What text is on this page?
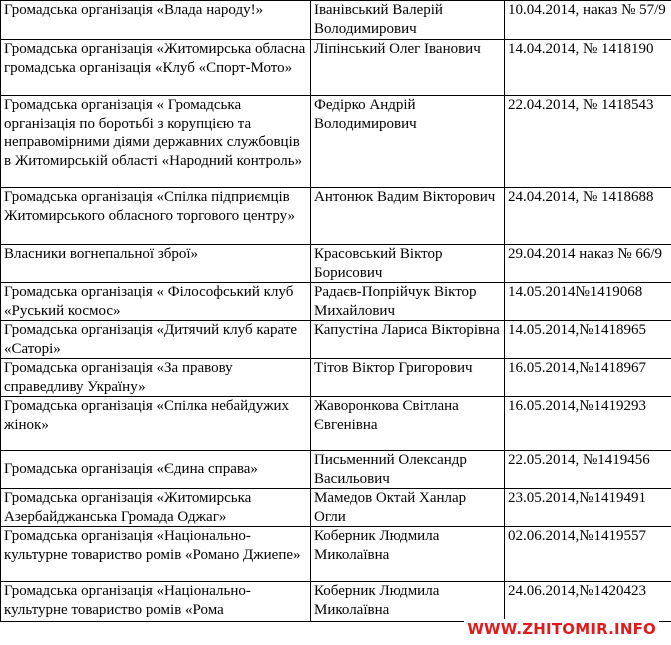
Громадська організація «Влада народу!»	Іванівський Валерій Володимирович	10.04.2014, наказ № 57/9
Громадська організація «Житомирська обласна громадська організація «Клуб «Спорт-Мото»	Ліпінський Олег Іванович	14.04.2014, № 1418190
Громадська організація « Громадська організація по боротьбі з корупцією та неправомірними діями державних службовців в Житомирській області «Народний контроль»	Федірко Андрій Володимирович	22.04.2014, № 1418543
Громадська організація «Спілка підприємців Житомирського обласного торгового центру»	Антонюк Вадим Вікторович	24.04.2014, № 1418688
Власники вогнепальної зброї»	Красовський Віктор Борисович	29.04.2014 наказ № 66/9
Громадська організація « Філософський клуб «Руський космос»	Радаєв-Попрійчук Віктор Михайлович	14.05.2014№1419068
Громадська організація «Дитячий клуб карате «Саторі»	Капустіна Лариса Вікторівна	14.05.2014,№1418965
Громадська організація «За правову справедливу Україну»	Тітов Віктор Григорович	16.05.2014,№1418967
Громадська організація «Спілка небайдужих жінок»	Жаворонкова Світлана Євгенівна	16.05.2014,№1419293
Громадська організація «Єдина справа»	Письменний Олександр Васильович	22.05.2014, №1419456
Громадська організація «Житомирська Азербайджанська Громада Оджаг»	Мамедов Октай Ханлар Огли	23.05.2014,№1419491
Громадська організація «Національно-культурне товариство ромів «Романо Джиепе»	Коберник Людмила Миколаївна	02.06.2014,№1419557
Громадська організація «Національно-культурне товариство ромів «Рома	Коберник Людмила Миколаївна	24.06.2014,№1420423
WWW.ZHITOMIR.INFO
